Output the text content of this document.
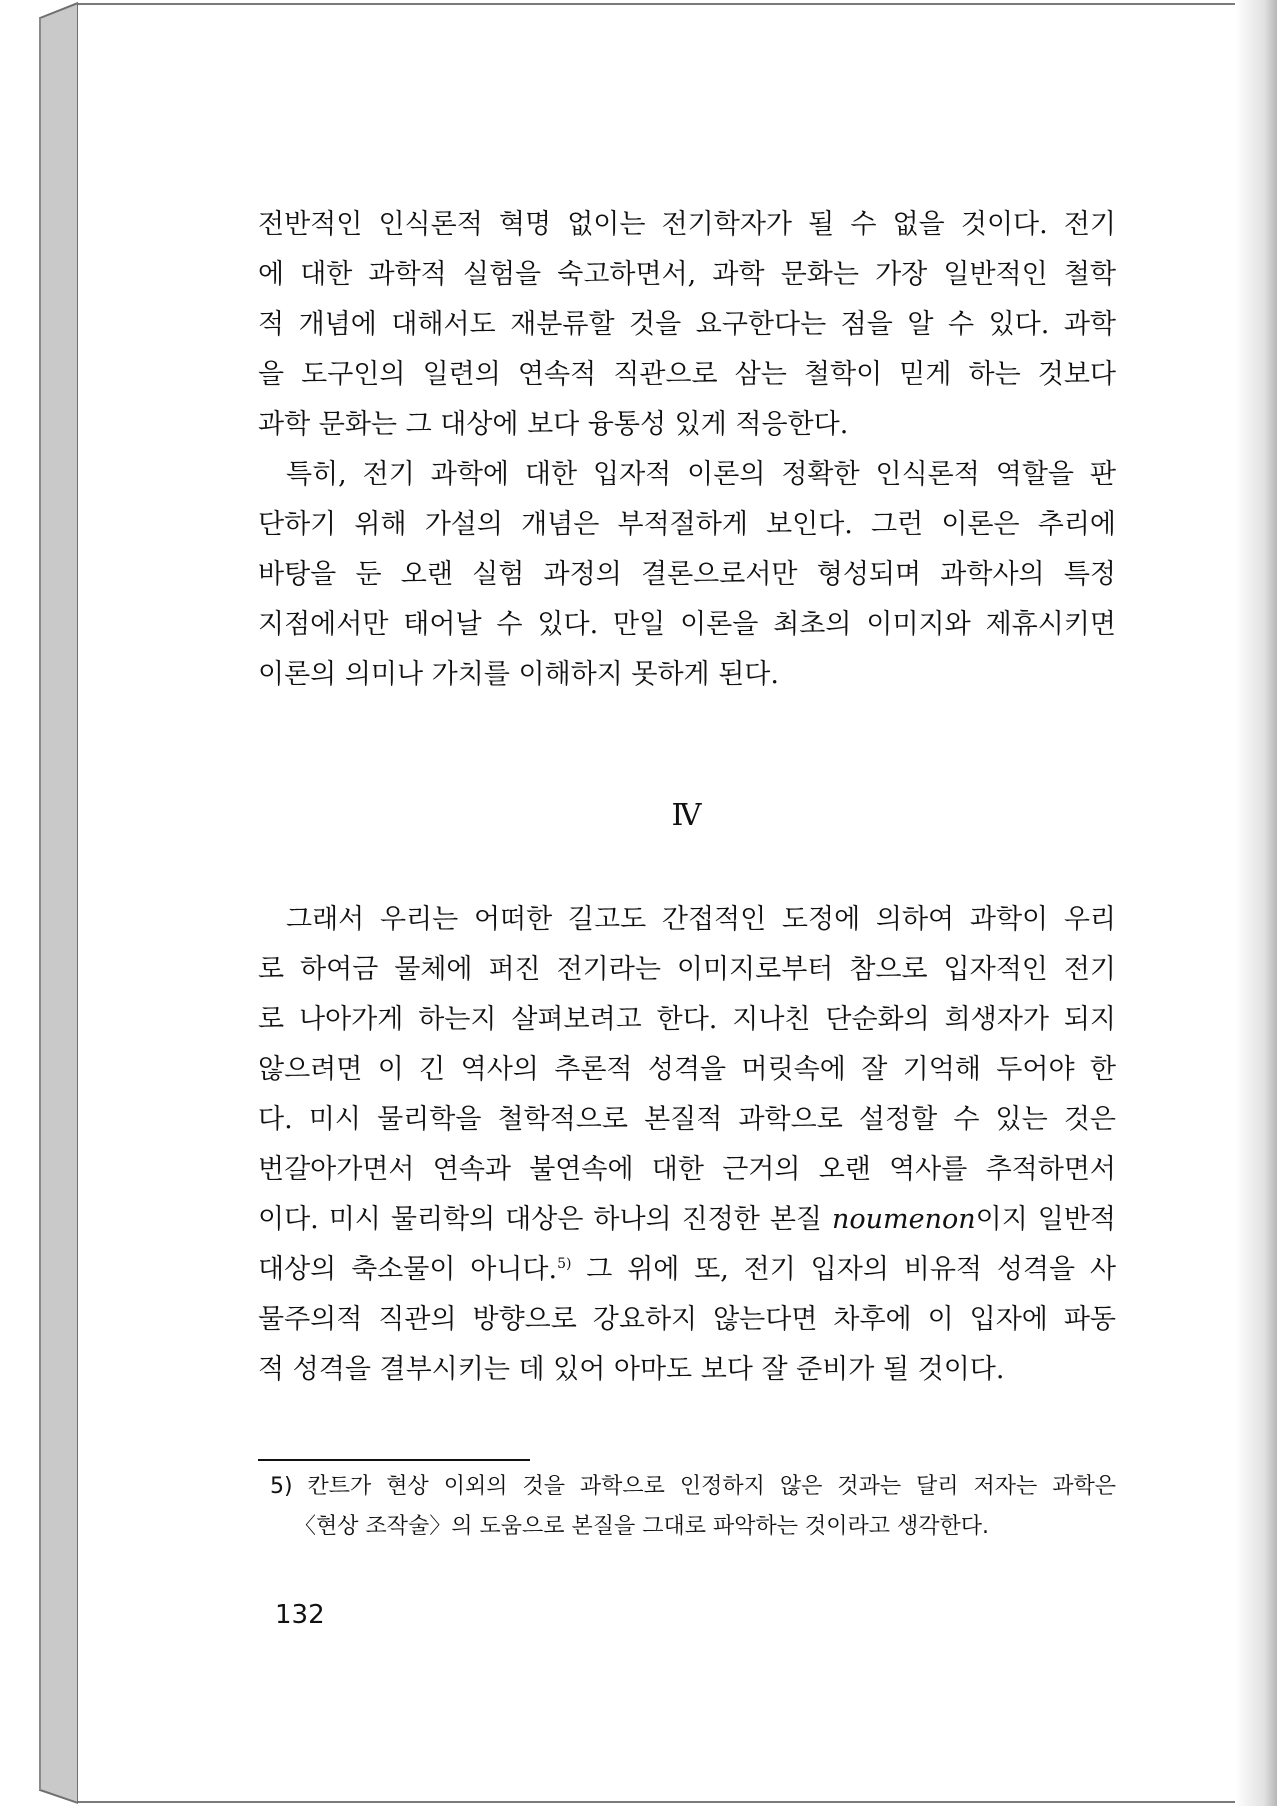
전반적인 인식론적 혁명 없이는 전기학자가 될 수 없을 것이다. 전기
에 대한 과학적 실험을 숙고하면서, 과학 문화는 가장 일반적인 철학
적 개념에 대해서도 재분류할 것을 요구한다는 점을 알 수 있다. 과학
을 도구인의 일련의 연속적 직관으로 삼는 철학이 믿게 하는 것보다
과학 문화는 그 대상에 보다 융통성 있게 적응한다.

특히, 전기 과학에 대한 입자적 이론의 정확한 인식론적 역할을 판
단하기 위해 가설의 개념은 부적절하게 보인다. 그런 이론은 추리에
바탕을 둔 오랜 실험 과정의 결론으로서만 형성되며 과학사의 특정
지점에서만 태어날 수 있다. 만일 이론을 최초의 이미지와 제휴시키면
이론의 의미나 가치를 이해하지 못하게 된다.

Ⅳ

그래서 우리는 어떠한 길고도 간접적인 도정에 의하여 과학이 우리
로 하여금 물체에 퍼진 전기라는 이미지로부터 참으로 입자적인 전기
로 나아가게 하는지 살펴보려고 한다. 지나친 단순화의 희생자가 되지
않으려면 이 긴 역사의 추론적 성격을 머릿속에 잘 기억해 두어야 한
다. 미시 물리학을 철학적으로 본질적 과학으로 설정할 수 있는 것은
번갈아가면서 연속과 불연속에 대한 근거의 오랜 역사를 추적하면서
이다. 미시 물리학의 대상은 하나의 진정한 본질 noumenon이지 일반적
대상의 축소물이 아니다.$^{5)}$ 그 위에 또, 전기 입자의 비유적 성격을 사
물주의적 직관의 방향으로 강요하지 않는다면 차후에 이 입자에 파동
적 성격을 결부시키는 데 있어 아마도 보다 잘 준비가 될 것이다.

5) 칸트가 현상 이외의 것을 과학으로 인정하지 않은 것과는 달리 저자는 과학은
〈현상 조작술〉의 도움으로 본질을 그대로 파악하는 것이라고 생각한다.
132
